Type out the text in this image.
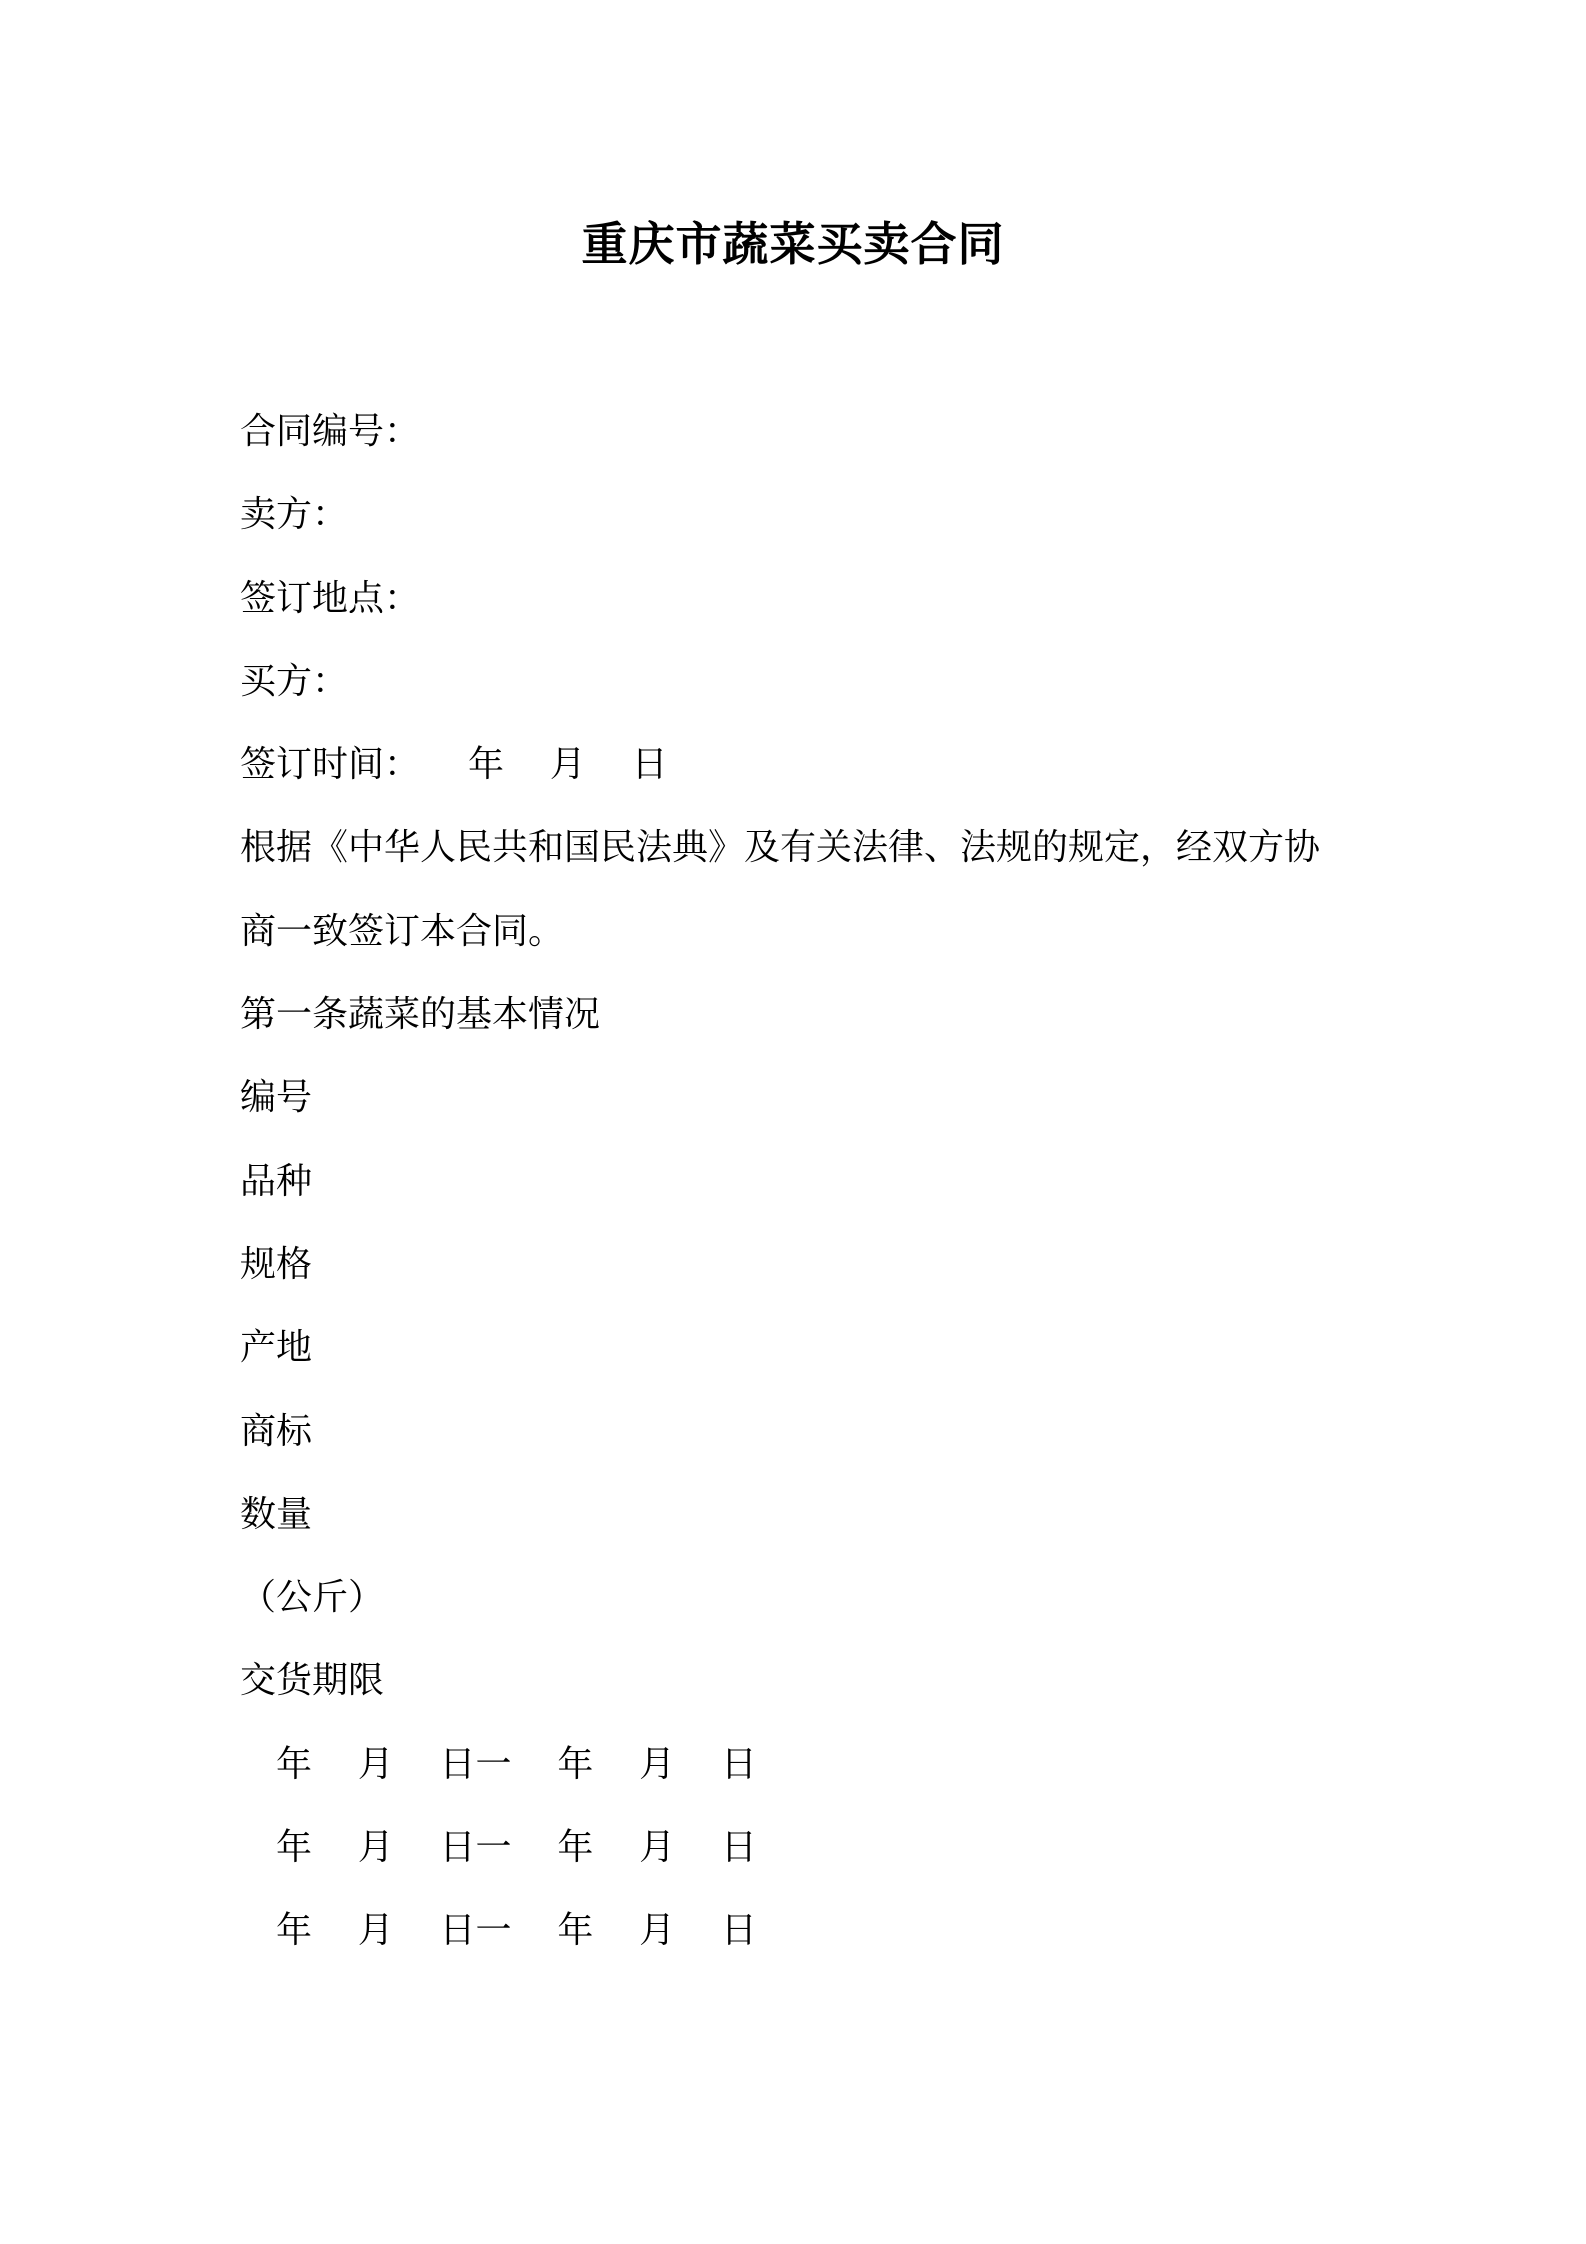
重庆市蔬菜买卖合同
合同编号：
卖方：
签订地点：
买方：
签订时间： 年    月    日
根据《中华人民共和国民法典》及有关法律、法规的规定，经双方协
商一致签订本合同。
第一条蔬菜的基本情况
编号
品种
规格
产地
商标
数量
（公斤）
交货期限
年    月    日一    年    月    日
年    月    日一    年    月    日
年    月    日一    年    月    日
